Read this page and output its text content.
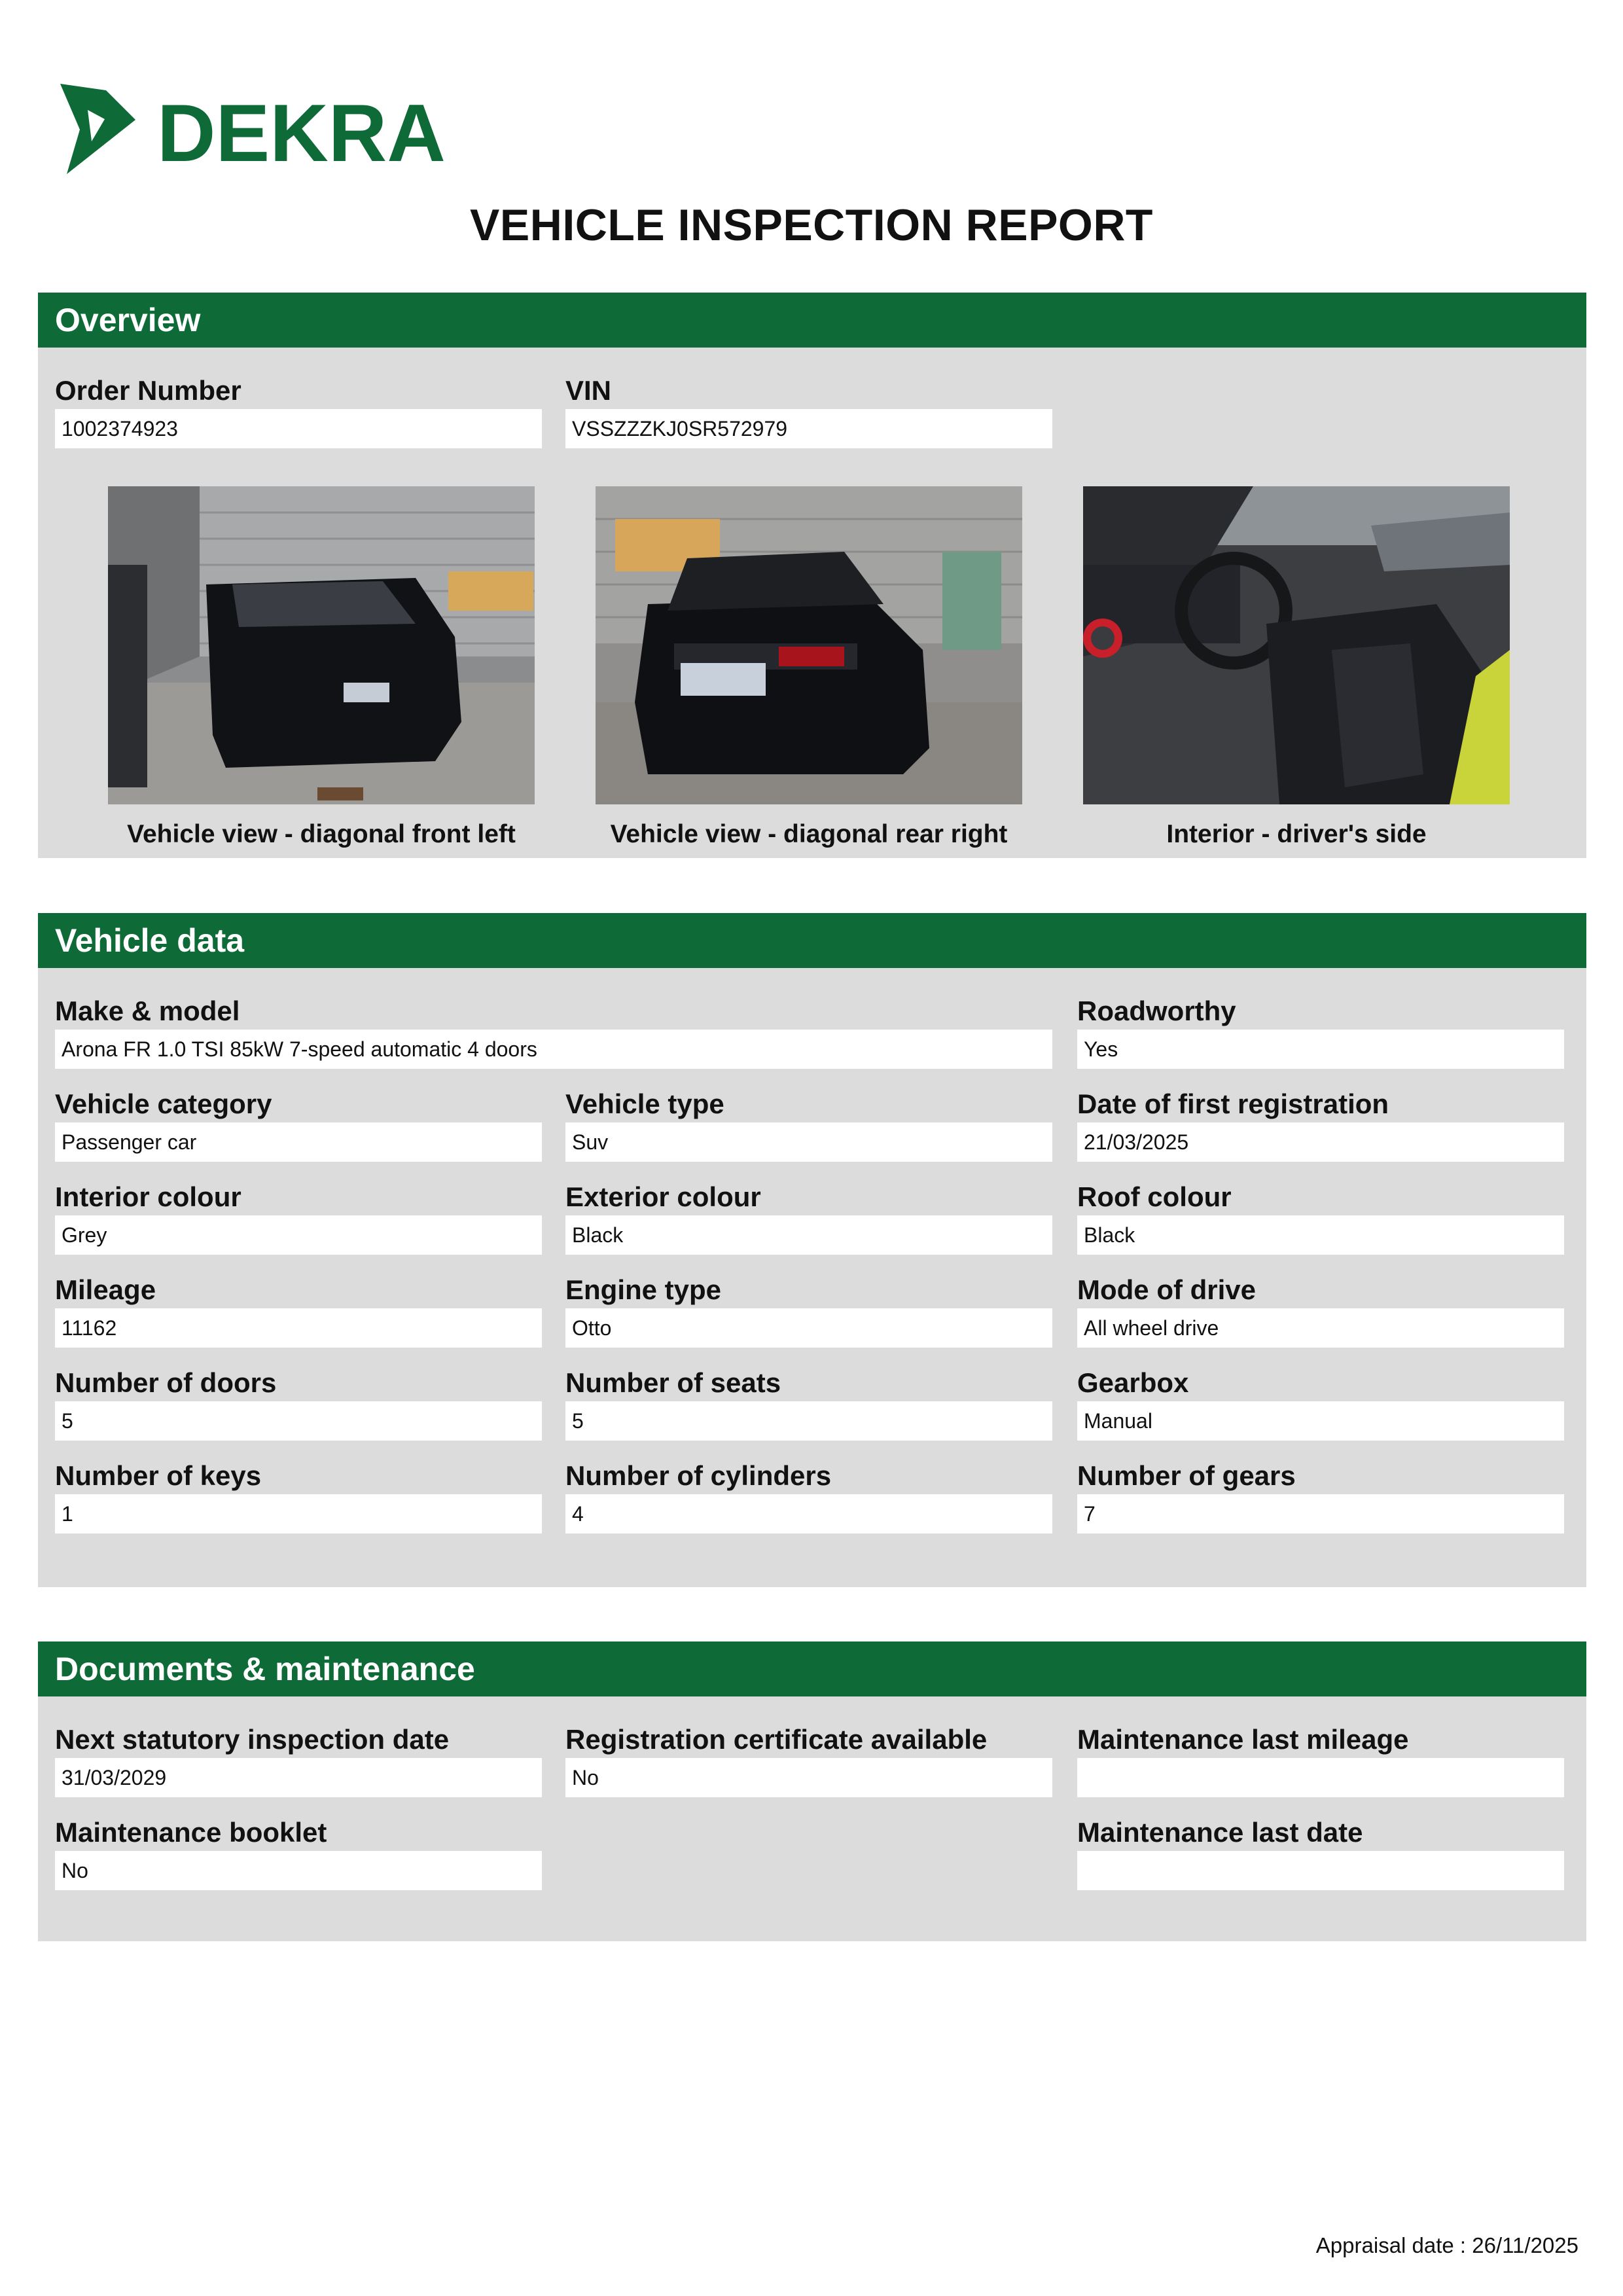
DEKRA
VEHICLE INSPECTION REPORT
Overview
Order Number
1002374923
VIN
VSSZZZKJ0SR572979
Vehicle view - diagonal front left	Vehicle view - diagonal rear right	Interior - driver's side
Vehicle data
Make & model
Arona FR 1.0 TSI 85kW 7-speed automatic 4 doors
Roadworthy
Yes
Vehicle category
Passenger car
Vehicle type
Suv
Date of first registration
21/03/2025
Interior colour
Grey
Exterior colour
Black
Roof colour
Black
Mileage
11162
Engine type
Otto
Mode of drive
All wheel drive
Number of doors
5
Number of seats
5
Gearbox
Manual
Number of keys
1
Number of cylinders
4
Number of gears
7
Documents & maintenance
Next statutory inspection date
31/03/2029
Registration certificate available
No
Maintenance last mileage
Maintenance booklet
No
Maintenance last date
Appraisal date : 26/11/2025
